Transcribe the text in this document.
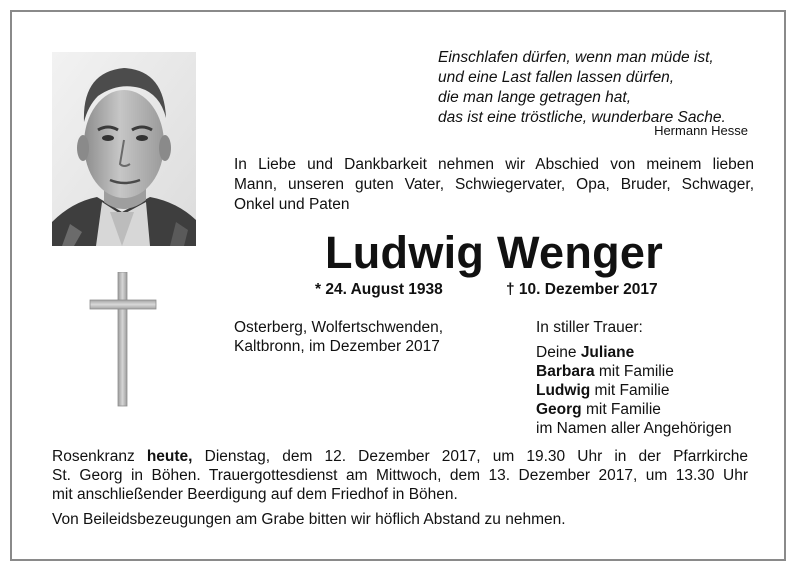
Einschlafen dürfen, wenn man müde ist,
und eine Last fallen lassen dürfen,
die man lange getragen hat,
das ist eine tröstliche, wunderbare Sache.
Hermann Hesse
In Liebe und Dankbarkeit nehmen wir Abschied von meinem lieben
Mann, unseren guten Vater, Schwiegervater, Opa, Bruder, Schwager,
Onkel und Paten
Ludwig Wenger
* 24. August 1938	† 10. Dezember 2017
Osterberg, Wolfertschwenden,
Kaltbronn, im Dezember 2017
In stiller Trauer:
Deine Juliane
Barbara mit Familie
Ludwig mit Familie
Georg mit Familie
im Namen aller Angehörigen
Rosenkranz heute, Dienstag, dem 12. Dezember 2017, um 19.30 Uhr in der Pfarrkirche
St. Georg in Böhen. Trauergottesdienst am Mittwoch, dem 13. Dezember 2017, um 13.30 Uhr
mit anschließender Beerdigung auf dem Friedhof in Böhen.
Von Beileidsbezeugungen am Grabe bitten wir höflich Abstand zu nehmen.
